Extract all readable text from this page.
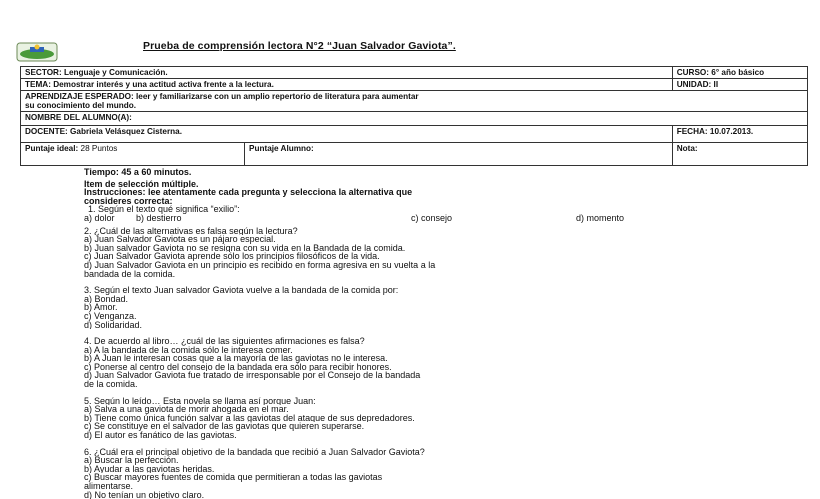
Prueba de comprensión lectora N°2 “Juan Salvador Gaviota”.
SECTOR: Lenguaje y Comunicación.		CURSO: 6° año básico
TEMA: Demostrar interés y una actitud activa frente a la lectura.		UNIDAD: II

APRENDIZAJE ESPERADO: leer y familiarizarse con un amplio repertorio de literatura para aumentar
su conocimiento del mundo.		

NOMBRE DEL ALUMNO(A):		
DOCENTE: Gabriela Velásquez Cisterna.		FECHA: 10.07.2013.
Puntaje ideal: 28 Puntos	Puntaje Alumno:	Nota:
Tiempo: 45 a 60 minutos.
Ítem de selección múltiple.
Instrucciones: lee atentamente cada pregunta y selecciona la alternativa que
consideres correcta:
1. Según el texto qué significa “exilio”:
a) dolor	b) destierro	c) consejo	d) momento
2. ¿Cuál de las alternativas es falsa según la lectura?
a) Juan Salvador Gaviota es un pájaro especial.
b) Juan salvador Gaviota no se resigna con su vida en la Bandada de la comida.
c) Juan Salvador Gaviota aprende sólo los principios filosóficos de la vida.
d) Juan Salvador Gaviota en un principio es recibido en forma agresiva en su vuelta a la
bandada de la comida.
3. Según el texto Juan salvador Gaviota vuelve a la bandada de la comida por:
a) Bondad.
b) Amor.
c) Venganza.
d) Solidaridad.
4. De acuerdo al libro… ¿cuál de las siguientes afirmaciones es falsa?
a) A la bandada de la comida sólo le interesa comer.
b) A Juan le interesan cosas que a la mayoría de las gaviotas no le interesa.
c) Ponerse al centro del consejo de la bandada era sólo para recibir honores.
d) Juan Salvador Gaviota fue tratado de irresponsable por el Consejo de la bandada
de la comida.
5. Según lo leído… Esta novela se llama así porque Juan:
a) Salva a una gaviota de morir ahogada en el mar.
b) Tiene como única función salvar a las gaviotas del ataque de sus depredadores.
c) Se constituye en el salvador de las gaviotas que quieren superarse.
d) El autor es fanático de las gaviotas.
6. ¿Cuál era el principal objetivo de la bandada que recibió a Juan Salvador Gaviota?
a) Buscar la perfección.
b) Ayudar a las gaviotas heridas.
c) Buscar mayores fuentes de comida que permitieran a todas las gaviotas
alimentarse.
d) No tenían un objetivo claro.
